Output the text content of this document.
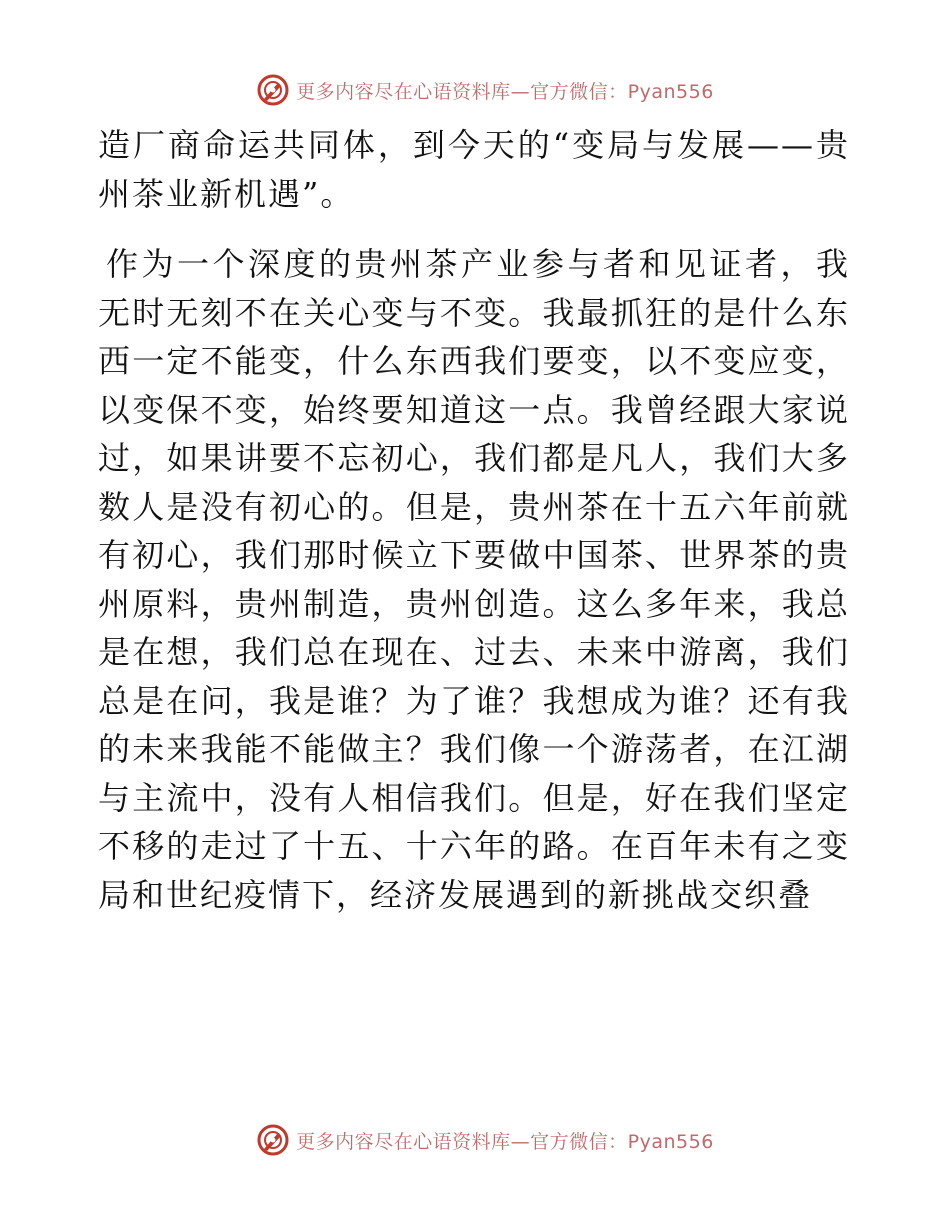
更多内容尽在心语资料库—官方微信：Pyan556

造厂商命运共同体，到今天的“变局与发展——贵州茶业新机遇”。

作为一个深度的贵州茶产业参与者和见证者，我无时无刻不在关心变与不变。我最抓狂的是什么东西一定不能变，什么东西我们要变，以不变应变，以变保不变，始终要知道这一点。我曾经跟大家说过，如果讲要不忘初心，我们都是凡人，我们大多数人是没有初心的。但是，贵州茶在十五六年前就有初心，我们那时候立下要做中国茶、世界茶的贵州原料，贵州制造，贵州创造。这么多年来，我总是在想，我们总在现在、过去、未来中游离，我们总是在问，我是谁？为了谁？我想成为谁？还有我的未来我能不能做主？我们像一个游荡者，在江湖与主流中，没有人相信我们。但是，好在我们坚定不移的走过了十五、十六年的路。在百年未有之变局和世纪疫情下，经济发展遇到的新挑战交织叠

更多内容尽在心语资料库—官方微信：Pyan556
